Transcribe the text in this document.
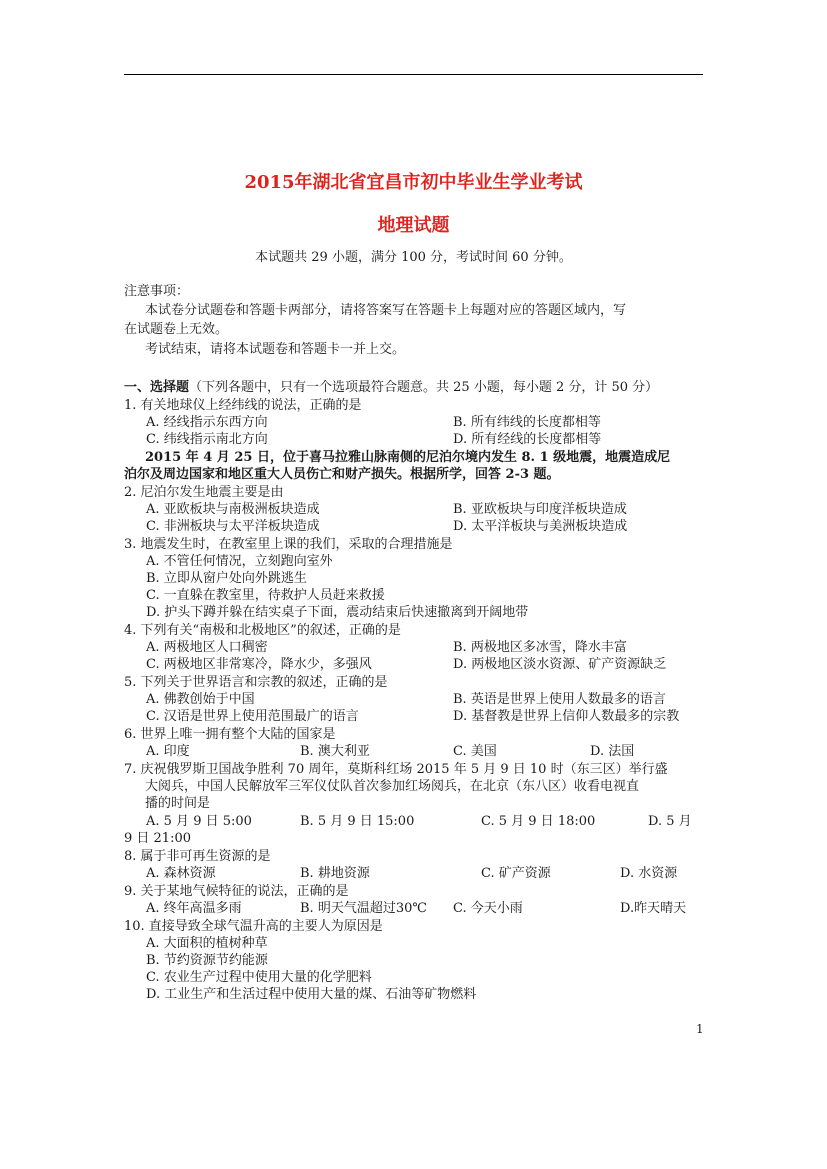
2015年湖北省宜昌市初中毕业生学业考试
地理试题
本试题共 29 小题，满分 100 分，考试时间 60 分钟。
注意事项：
本试卷分试题卷和答题卡两部分，请将答案写在答题卡上每题对应的答题区域内，写
在试题卷上无效。
考试结束，请将本试题卷和答题卡一并上交。
一、选择题（下列各题中，只有一个选项最符合题意。共 25 小题，每小题 2 分，计 50 分）
1. 有关地球仪上经纬线的说法，正确的是
A. 经线指示东西方向	B. 所有纬线的长度都相等
C. 纬线指示南北方向	D. 所有经线的长度都相等
2015 年 4 月 25 日，位于喜马拉雅山脉南侧的尼泊尔境内发生 8. 1 级地震，地震造成尼
泊尔及周边国家和地区重大人员伤亡和财产损失。根据所学，回答 2-3 题。
2. 尼泊尔发生地震主要是由
A. 亚欧板块与南极洲板块造成	B. 亚欧板块与印度洋板块造成
C. 非洲板块与太平洋板块造成	D. 太平洋板块与美洲板块造成
3. 地震发生时，在教室里上课的我们，采取的合理措施是
A. 不管任何情况，立刻跑向室外
B. 立即从窗户处向外跳逃生
C. 一直躲在教室里，待救护人员赶来救援
D. 护头下蹲并躲在结实桌子下面，震动结束后快速撤离到开阔地带
4. 下列有关“南极和北极地区”的叙述，正确的是
A. 两极地区人口稠密	B. 两极地区多冰雪，降水丰富
C. 两极地区非常寒冷，降水少，多强风	D. 两极地区淡水资源、矿产资源缺乏
5. 下列关于世界语言和宗教的叙述，正确的是
A. 佛教创始于中国	B. 英语是世界上使用人数最多的语言
C. 汉语是世界上使用范围最广的语言	D. 基督教是世界上信仰人数最多的宗教
6. 世界上唯一拥有整个大陆的国家是
A. 印度	B. 澳大利亚	C. 美国	D. 法国
7. 庆祝俄罗斯卫国战争胜利 70 周年，莫斯科红场 2015 年 5 月 9 日 10 时（东三区）举行盛
大阅兵，中国人民解放军三军仪仗队首次参加红场阅兵，在北京（东八区）收看电视直
播的时间是
A. 5 月 9 日 5:00	B. 5 月 9 日 15:00	C. 5 月 9 日 18:00	D. 5 月
9 日 21:00
8. 属于非可再生资源的是
A. 森林资源	B. 耕地资源	C. 矿产资源	D. 水资源
9. 关于某地气候特征的说法，正确的是
A. 终年高温多雨	B. 明天气温超过30℃ C. 今天小雨	D.昨天晴天
10. 直接导致全球气温升高的主要人为原因是
A. 大面积的植树种草
B. 节约资源节约能源
C. 农业生产过程中使用大量的化学肥料
D. 工业生产和生活过程中使用大量的煤、石油等矿物燃料
1
